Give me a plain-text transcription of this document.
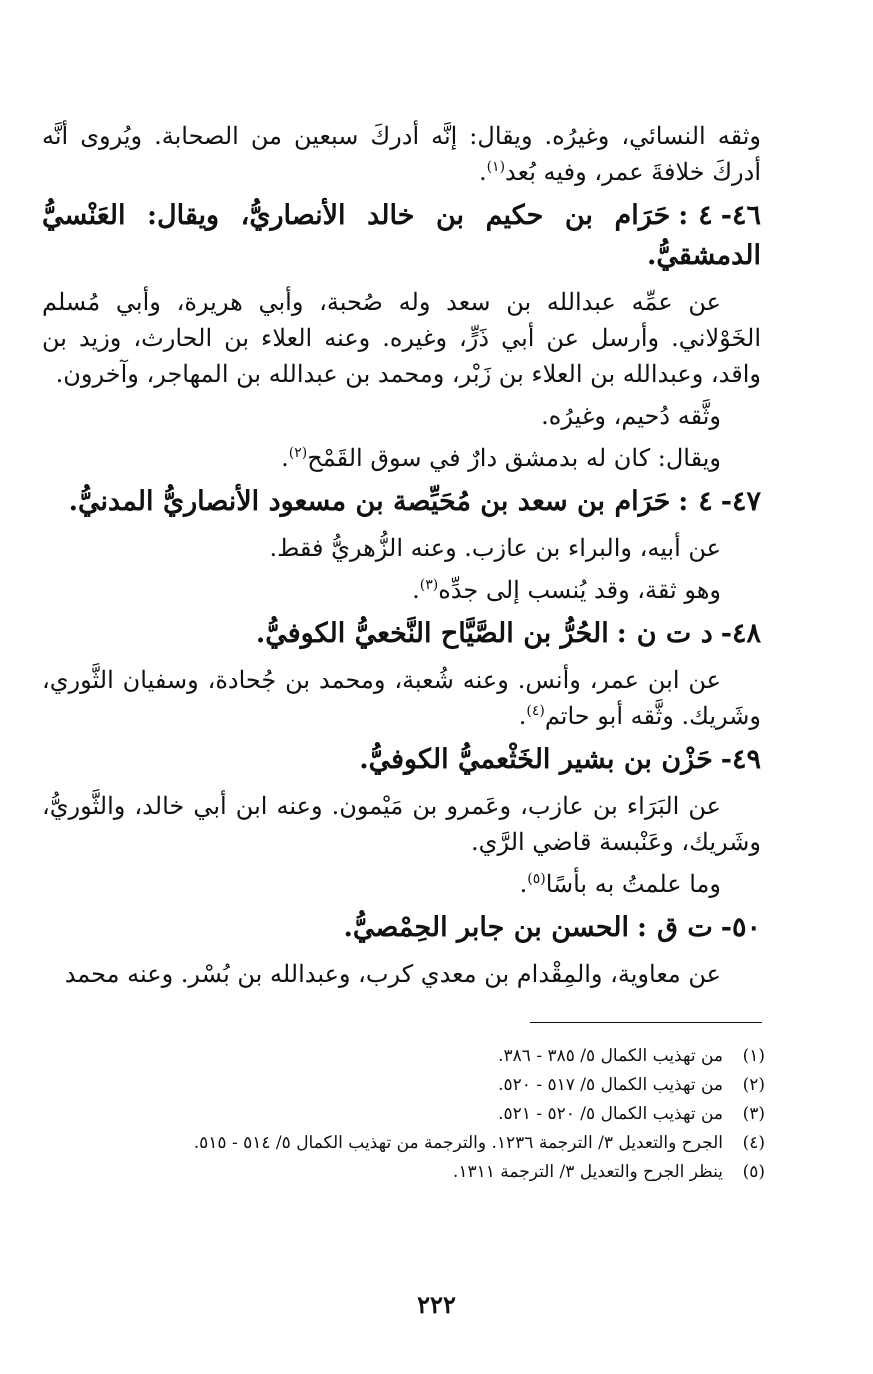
وثقه النسائي، وغيرُه. ويقال: إنَّه أدركَ سبعين من الصحابة. ويُروى أنَّه أدركَ خلافةَ عمر، وفيه بُعد$^{(١)}$.

٤٦-٤:حَرَام بن حكيم بن خالد الأنصاريُّ، ويقال: العَنْسيُّ الدمشقيُّ.

عن عمِّه عبدالله بن سعد وله صُحبة، وأبي هريرة، وأبي مُسلم الخَوْلاني. وأرسل عن أبي ذَرٍّ، وغيره. وعنه العلاء بن الحارث، وزيد بن واقد، وعبدالله بن العلاء بن زَبْر، ومحمد بن عبدالله بن المهاجر، وآخرون.

وثَّقه دُحيم، وغيرُه.

ويقال: كان له بدمشق دارٌ في سوق القَمْح$^{(٢)}$.

٤٧-٤:حَرَام بن سعد بن مُحَيِّصة بن مسعود الأنصاريُّ المدنيُّ.

عن أبيه، والبراء بن عازب. وعنه الزُّهريُّ فقط.

وهو ثقة، وقد يُنسب إلى جدِّه$^{(٣)}$.

٤٨-د ت ن:الحُرُّ بن الصَّيَّاح النَّخعيُّ الكوفيُّ.

عن ابن عمر، وأنس. وعنه شُعبة، ومحمد بن جُحادة، وسفيان الثَّوري، وشَريك. وثَّقه أبو حاتم$^{(٤)}$.

٤٩-حَزْن بن بشير الخَثْعميُّ الكوفيُّ.

عن البَرَاء بن عازب، وعَمرو بن مَيْمون. وعنه ابن أبي خالد، والثَّوريُّ، وشَريك، وعَنْبسة قاضي الرَّي.

وما علمتُ به بأسًا$^{(٥)}$.

٥٠-ت ق:الحسن بن جابر الحِمْصيُّ.

عن معاوية، والمِقْدام بن معدي كرب، وعبدالله بن بُسْر. وعنه محمد

(١)
من تهذيب الكمال ٥/ ٣٨٥ - ٣٨٦.
(٢)
من تهذيب الكمال ٥/ ٥١٧ - ٥٢٠.
(٣)
من تهذيب الكمال ٥/ ٥٢٠ - ٥٢١.
(٤)
الجرح والتعديل ٣/ الترجمة ١٢٣٦. والترجمة من تهذيب الكمال ٥/ ٥١٤ - ٥١٥.
(٥)
ينظر الجرح والتعديل ٣/ الترجمة ١٣١١.
٢٢٢
